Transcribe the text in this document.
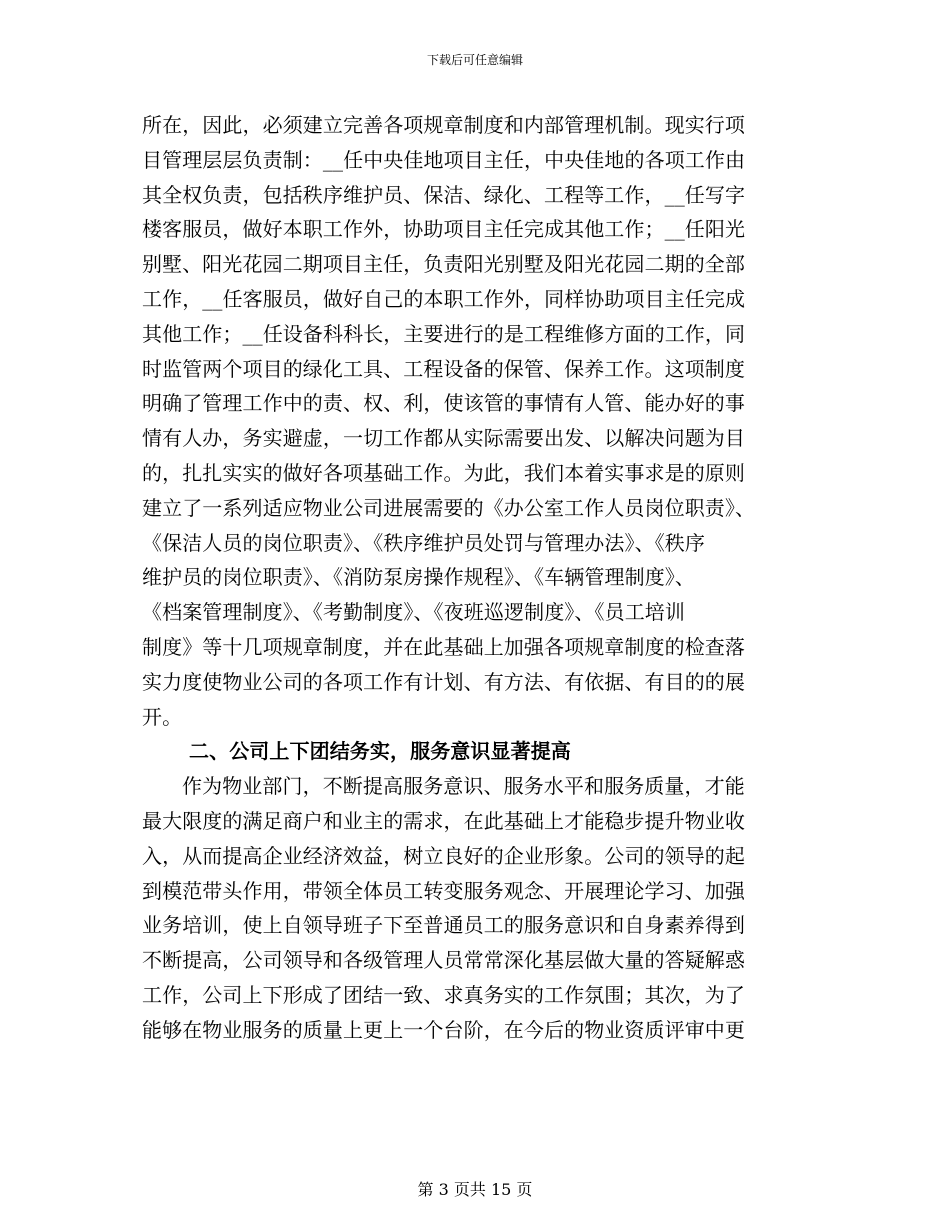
下载后可任意编辑
所在，因此，必须建立完善各项规章制度和内部管理机制。现实行项
目管理层层负责制：__任中央佳地项目主任，中央佳地的各项工作由
其全权负责，包括秩序维护员、保洁、绿化、工程等工作，__任写字
楼客服员，做好本职工作外，协助项目主任完成其他工作；__任阳光
别墅、阳光花园二期项目主任，负责阳光别墅及阳光花园二期的全部
工作，__任客服员，做好自己的本职工作外，同样协助项目主任完成
其他工作；__任设备科科长，主要进行的是工程维修方面的工作，同
时监管两个项目的绿化工具、工程设备的保管、保养工作。这项制度
明确了管理工作中的责、权、利，使该管的事情有人管、能办好的事
情有人办，务实避虚，一切工作都从实际需要出发、以解决问题为目
的，扎扎实实的做好各项基础工作。为此，我们本着实事求是的原则
建立了一系列适应物业公司进展需要的《办公室工作人员岗位职责》、
《保洁人员的岗位职责》、《秩序维护员处罚与管理办法》、《秩序
维护员的岗位职责》、《消防泵房操作规程》、《车辆管理制度》、
《档案管理制度》、《考勤制度》、《夜班巡逻制度》、《员工培训
制度》等十几项规章制度，并在此基础上加强各项规章制度的检查落
实力度使物业公司的各项工作有计划、有方法、有依据、有目的的展
开。
二、公司上下团结务实，服务意识显著提高
作为物业部门，不断提高服务意识、服务水平和服务质量，才能
最大限度的满足商户和业主的需求，在此基础上才能稳步提升物业收
入，从而提高企业经济效益，树立良好的企业形象。公司的领导的起
到模范带头作用，带领全体员工转变服务观念、开展理论学习、加强
业务培训，使上自领导班子下至普通员工的服务意识和自身素养得到
不断提高，公司领导和各级管理人员常常深化基层做大量的答疑解惑
工作，公司上下形成了团结一致、求真务实的工作氛围；其次，为了
能够在物业服务的质量上更上一个台阶，在今后的物业资质评审中更
第 3 页共 15 页
